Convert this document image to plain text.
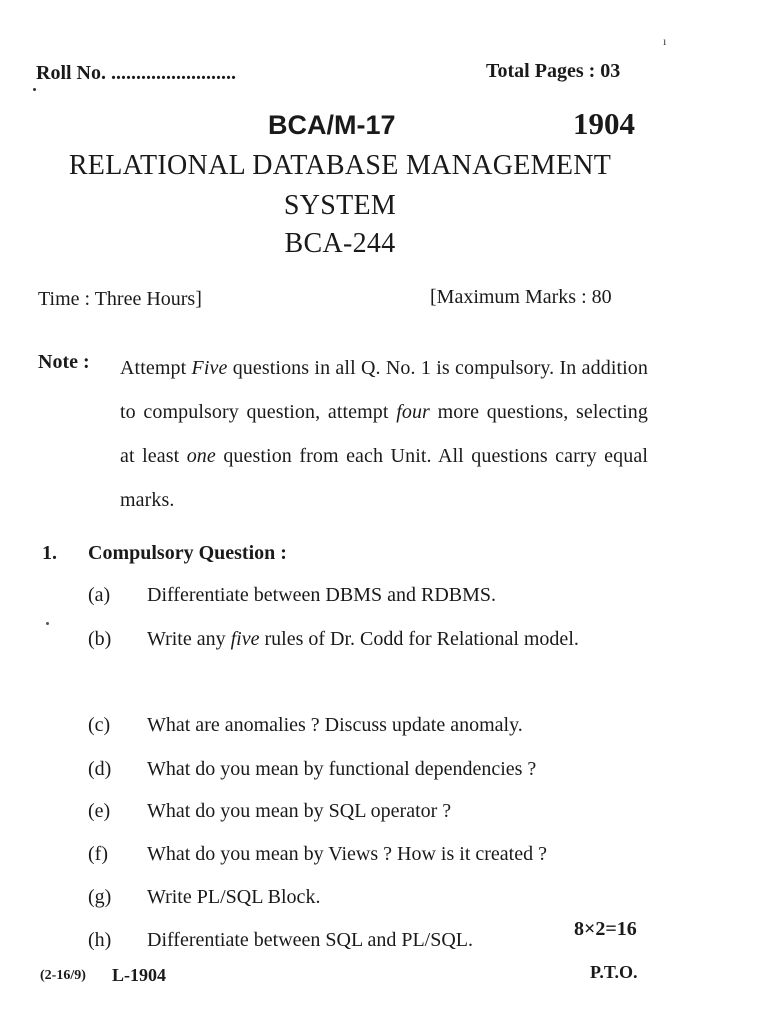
ı
Roll No. .........................	Total Pages : 03
BCA/M-17	1904
RELATIONAL DATABASE MANAGEMENT
SYSTEM
BCA-244
Time : Three Hours]	[Maximum Marks : 80
Note : Attempt Five questions in all Q. No. 1 is compulsory. In addition to compulsory question, attempt four more questions, selecting at least one question from each Unit. All questions carry equal marks.
1. Compulsory Question :
(a) Differentiate between DBMS and RDBMS.
(b) Write any five rules of Dr. Codd for Relational model.
(c) What are anomalies ? Discuss update anomaly.
(d) What do you mean by functional dependencies ?
(e) What do you mean by SQL operator ?
(f) What do you mean by Views ? How is it created ?
(g) Write PL/SQL Block.
(h) Differentiate between SQL and PL/SQL.	8×2=16
(2-16/9) L-1904	P.T.O.
